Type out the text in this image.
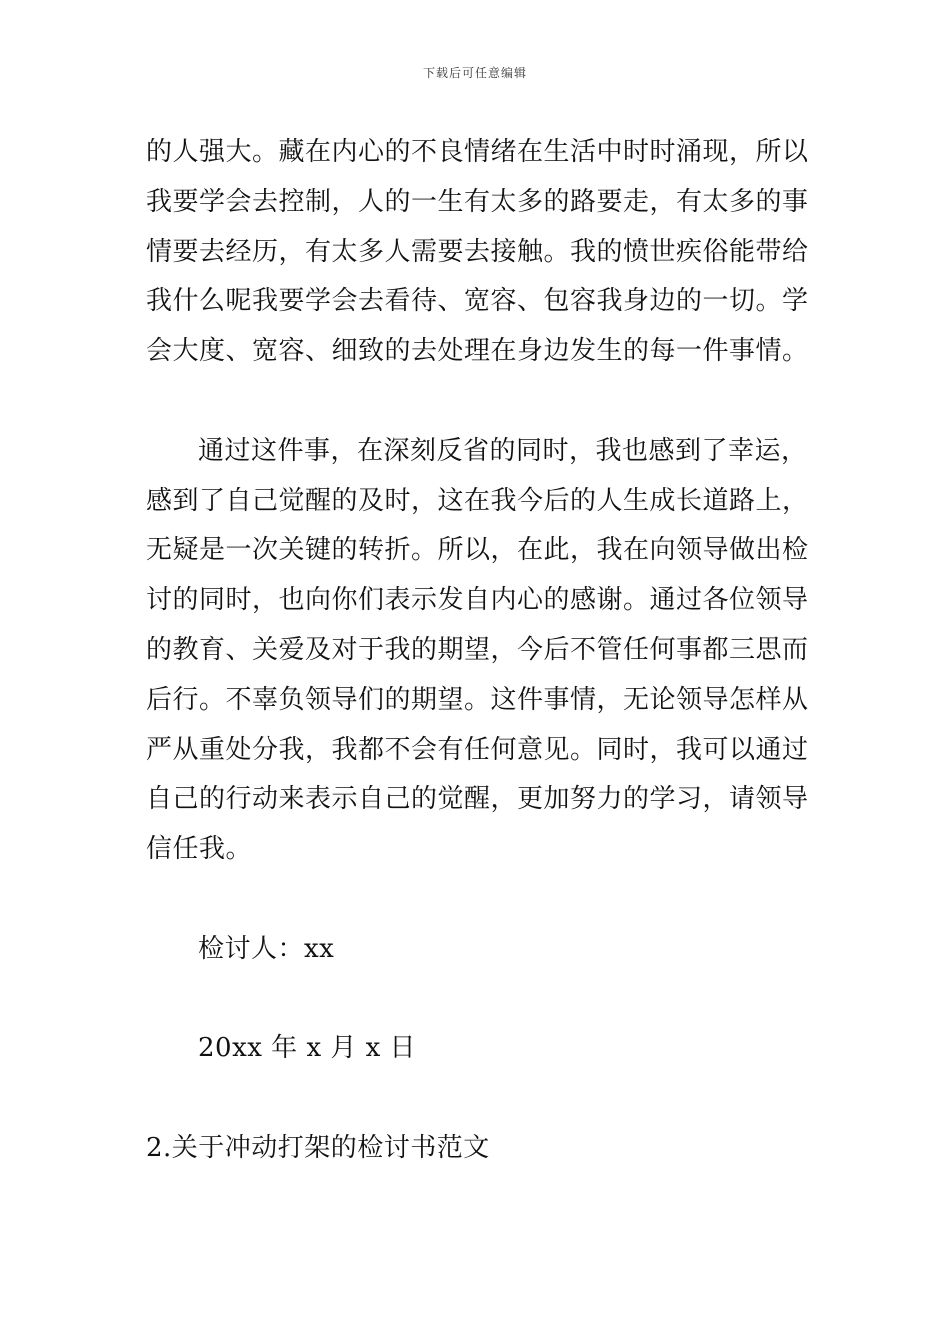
下载后可任意编辑
的人强大。藏在内心的不良情绪在生活中时时涌现，所以
我要学会去控制，人的一生有太多的路要走，有太多的事
情要去经历，有太多人需要去接触。我的愤世疾俗能带给
我什么呢我要学会去看待、宽容、包容我身边的一切。学
会大度、宽容、细致的去处理在身边发生的每一件事情。
通过这件事，在深刻反省的同时，我也感到了幸运，
感到了自己觉醒的及时，这在我今后的人生成长道路上，
无疑是一次关键的转折。所以，在此，我在向领导做出检
讨的同时，也向你们表示发自内心的感谢。通过各位领导
的教育、关爱及对于我的期望，今后不管任何事都三思而
后行。不辜负领导们的期望。这件事情，无论领导怎样从
严从重处分我，我都不会有任何意见。同时，我可以通过
自己的行动来表示自己的觉醒，更加努力的学习，请领导
信任我。
检讨人：xx
20xx 年 x 月 x 日
2.关于冲动打架的检讨书范文
